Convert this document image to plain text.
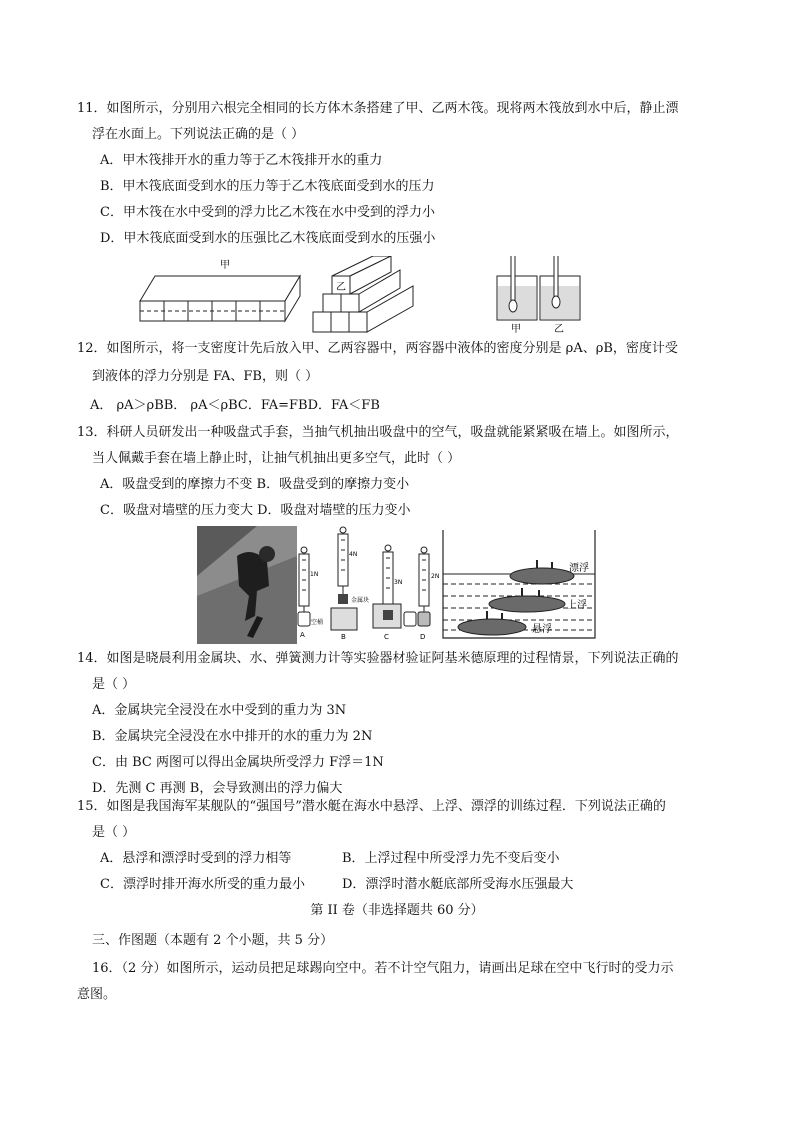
11．如图所示，分别用六根完全相同的长方体木条搭建了甲、乙两木筏。现将两木筏放到水中后，静止漂
浮在水面上。下列说法正确的是（ ）
A．甲木筏排开水的重力等于乙木筏排开水的重力
B．甲木筏底面受到水的压力等于乙木筏底面受到水的压力
C．甲木筏在水中受到的浮力比乙木筏在水中受到的浮力小
D．甲木筏底面受到水的压强比乙木筏底面受到水的压强小
甲
乙
甲	乙
12．如图所示，将一支密度计先后放入甲、乙两容器中，两容器中液体的密度分别是 ρA、ρB，密度计受
到液体的浮力分别是 FA、FB，则（ ）
A． ρA＞ρBB． ρA＜ρBC．FA=FBD．FA＜FB
13．科研人员研发出一种吸盘式手套，当抽气机抽出吸盘中的空气，吸盘就能紧紧吸在墙上。如图所示，
当人佩戴手套在墙上静止时，让抽气机抽出更多空气，此时（ ）
A．吸盘受到的摩擦力不变 B．吸盘受到的摩擦力变小
C．吸盘对墙壁的压力变大 D．吸盘对墙壁的压力变小
1N
空桶
A
4N
金属块
B
3N
C
2N
D
漂浮
上浮
悬浮
14．如图是晓晨利用金属块、水、弹簧测力计等实验器材验证阿基米德原理的过程情景，下列说法正确的
是（ ）
A．金属块完全浸没在水中受到的重力为 3N
B．金属块完全浸没在水中排开的水的重力为 2N
C．由 BC 两图可以得出金属块所受浮力 F浮＝1N
D．先测 C 再测 B，会导致测出的浮力偏大
15．如图是我国海军某舰队的“强国号”潜水艇在海水中悬浮、上浮、漂浮的训练过程．下列说法正确的
是（ ）
A．悬浮和漂浮时受到的浮力相等	B．上浮过程中所受浮力先不变后变小
C．漂浮时排开海水所受的重力最小	D．漂浮时潜水艇底部所受海水压强最大
第 II 卷（非选择题共 60 分）
三、作图题（本题有 2 个小题，共 5 分）
16．（2 分）如图所示，运动员把足球踢向空中。若不计空气阻力，请画出足球在空中飞行时的受力示
意图。
